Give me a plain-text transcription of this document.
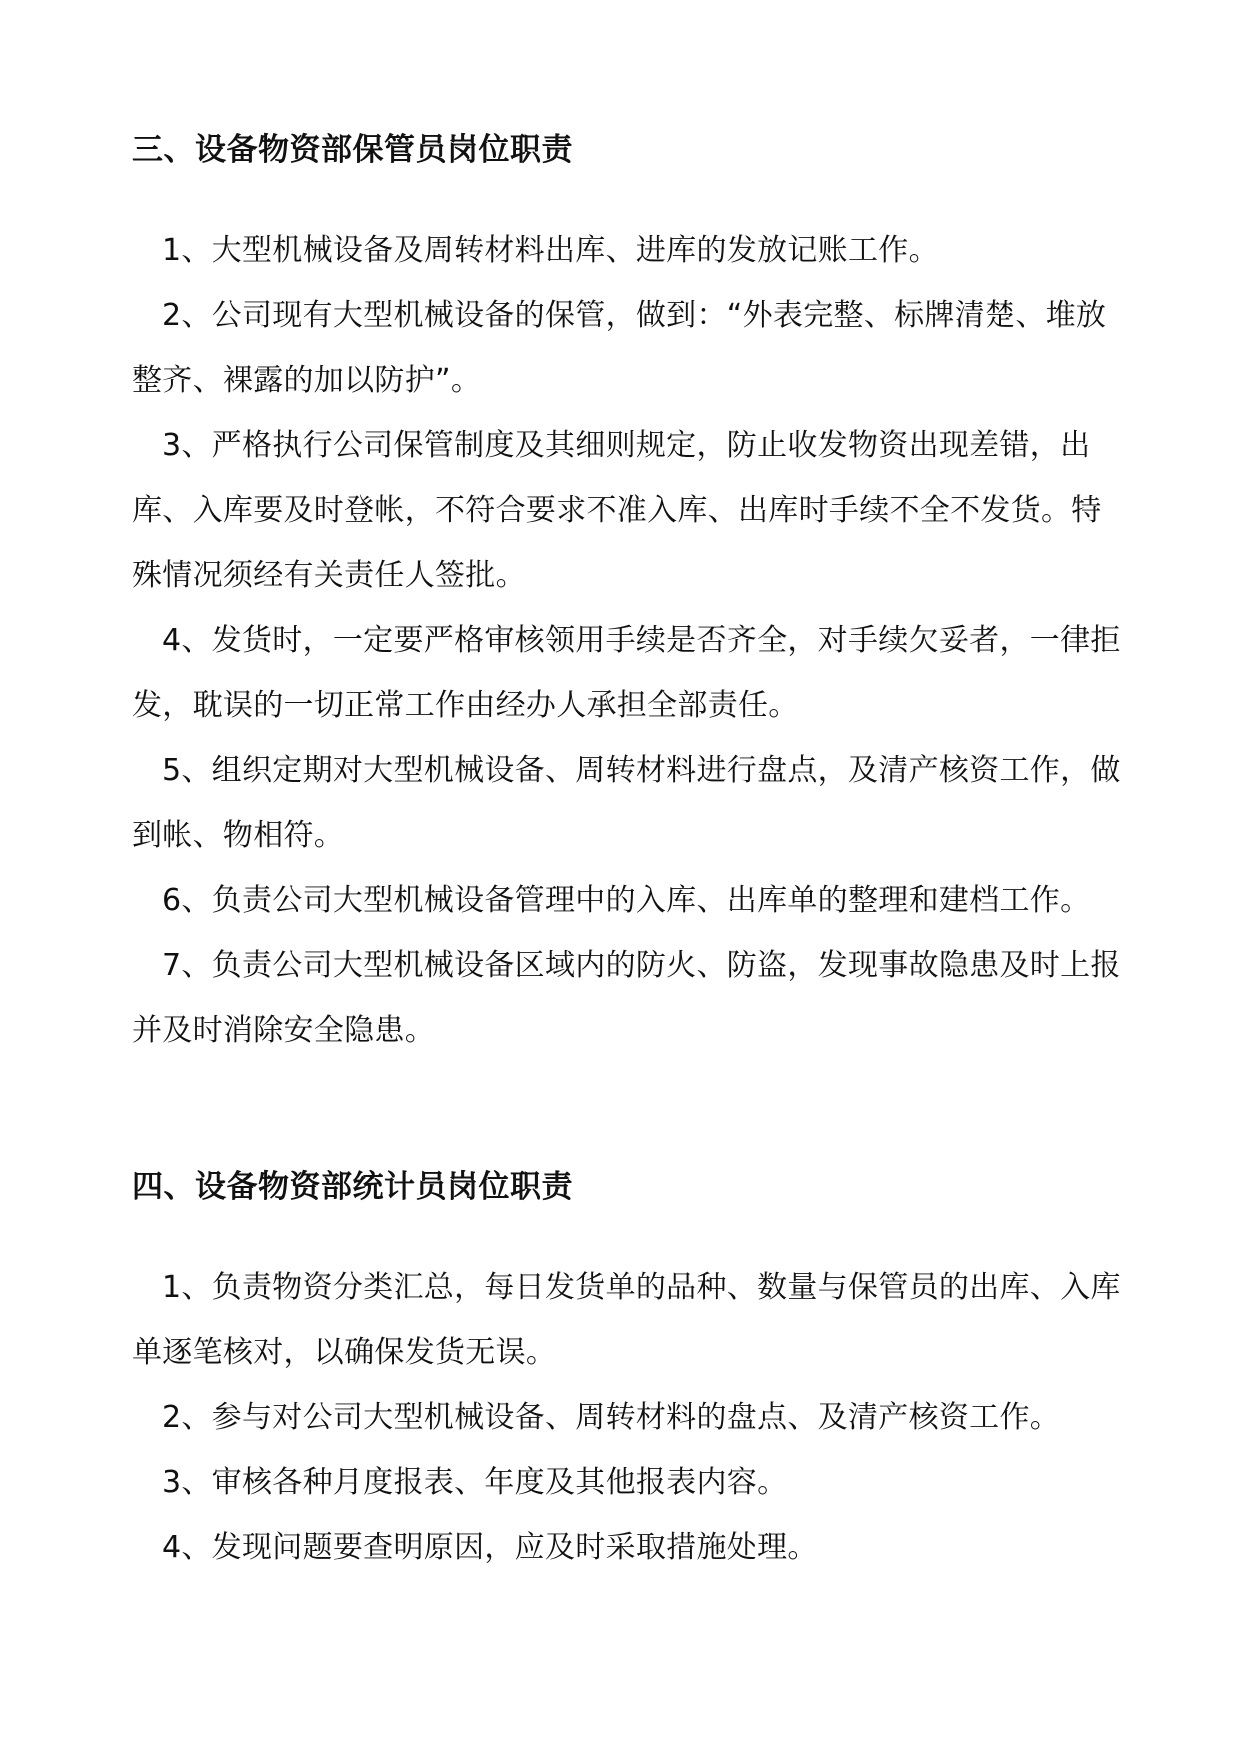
三、设备物资部保管员岗位职责

1、大型机械设备及周转材料出库、进库的发放记账工作。

2、公司现有大型机械设备的保管，做到：“外表完整、标牌清楚、堆放整齐、裸露的加以防护”。

3、严格执行公司保管制度及其细则规定，防止收发物资出现差错，出库、入库要及时登帐，不符合要求不准入库、出库时手续不全不发货。特殊情况须经有关责任人签批。

4、发货时，一定要严格审核领用手续是否齐全，对手续欠妥者，一律拒发，耽误的一切正常工作由经办人承担全部责任。

5、组织定期对大型机械设备、周转材料进行盘点，及清产核资工作，做到帐、物相符。

6、负责公司大型机械设备管理中的入库、出库单的整理和建档工作。

7、负责公司大型机械设备区域内的防火、防盗，发现事故隐患及时上报并及时消除安全隐患。

四、设备物资部统计员岗位职责

1、负责物资分类汇总，每日发货单的品种、数量与保管员的出库、入库单逐笔核对，以确保发货无误。

2、参与对公司大型机械设备、周转材料的盘点、及清产核资工作。

3、审核各种月度报表、年度及其他报表内容。

4、发现问题要查明原因，应及时采取措施处理。
